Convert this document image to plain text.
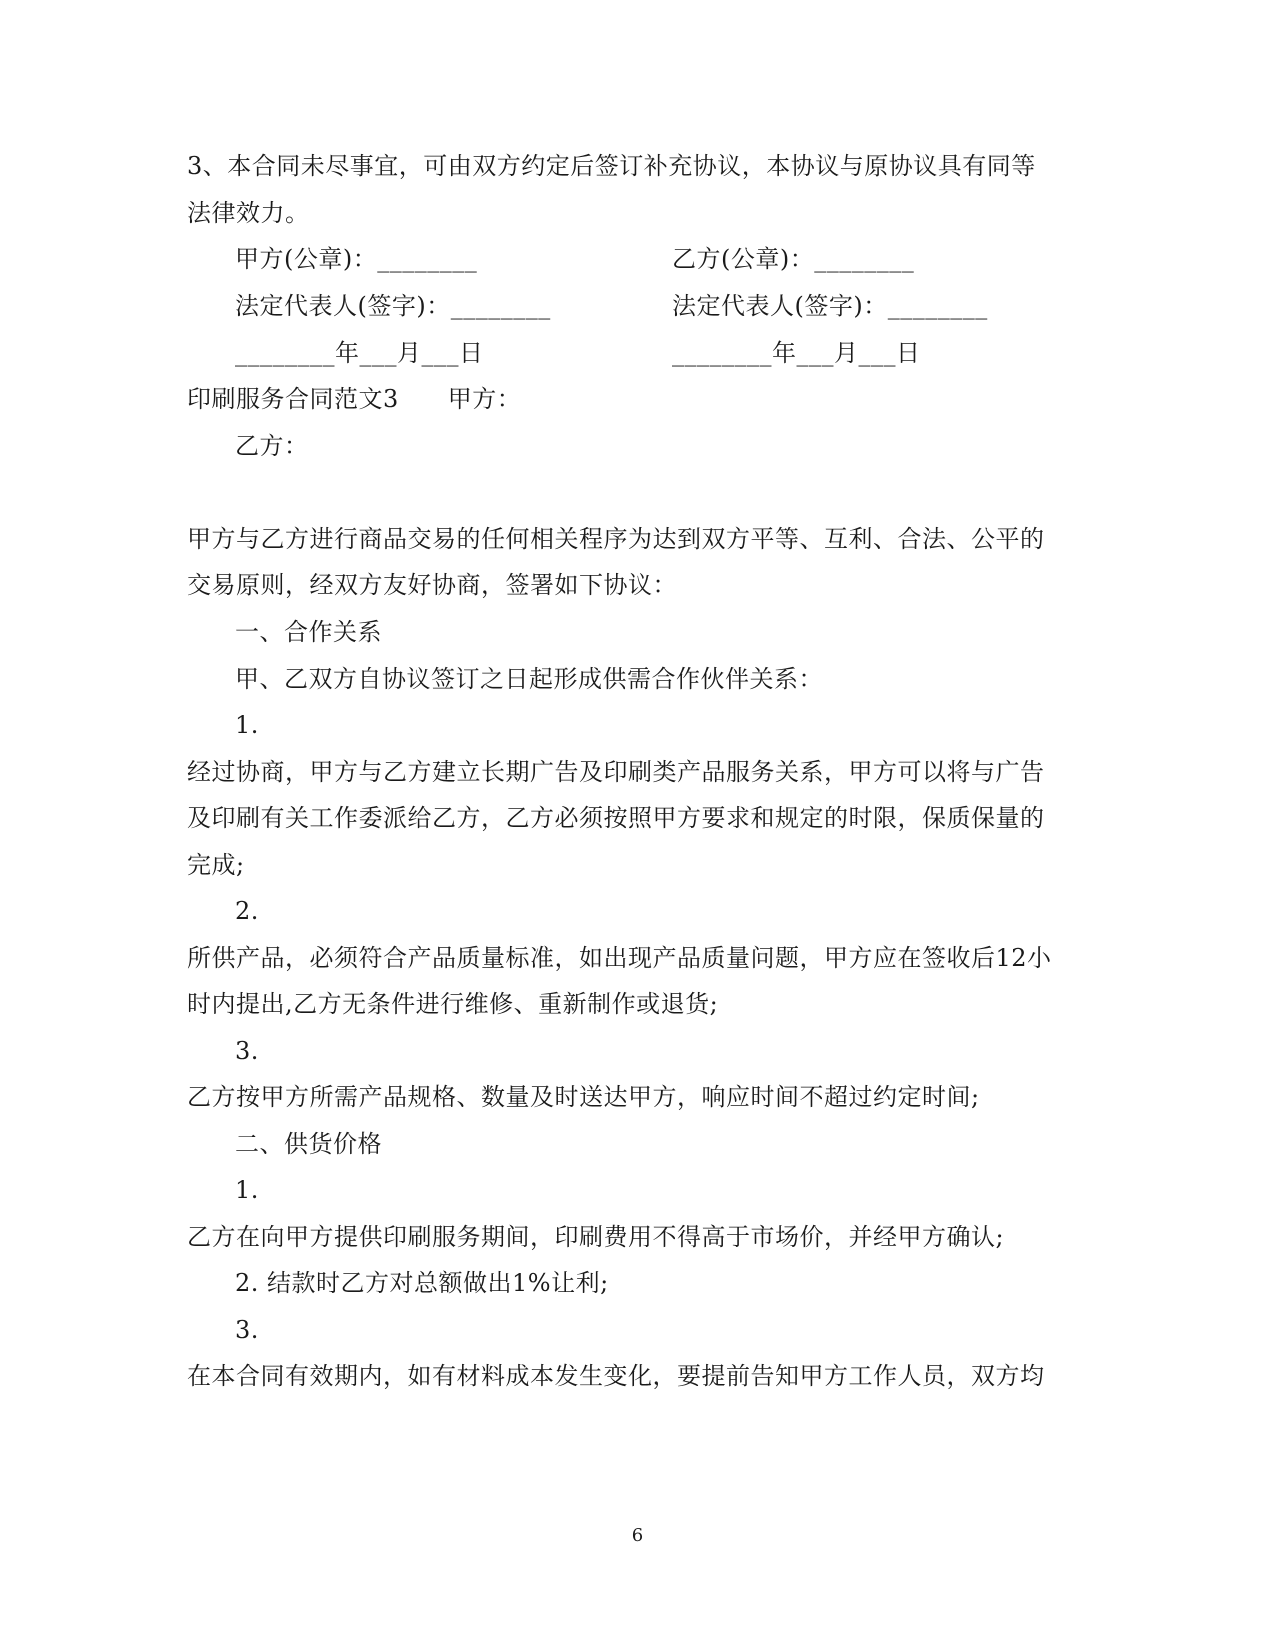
3、本合同未尽事宜，可由双方约定后签订补充协议，本协议与原协议具有同等
法律效力。
甲方(公章)：________	乙方(公章)：________
法定代表人(签字)：________	法定代表人(签字)：________
________年___月___日	________年___月___日
印刷服务合同范文3　　甲方：
乙方：
甲方与乙方进行商品交易的任何相关程序为达到双方平等、互利、合法、公平的
交易原则，经双方友好协商，签署如下协议：
一、合作关系
甲、乙双方自协议签订之日起形成供需合作伙伴关系：
1.
经过协商，甲方与乙方建立长期广告及印刷类产品服务关系，甲方可以将与广告
及印刷有关工作委派给乙方，乙方必须按照甲方要求和规定的时限，保质保量的
完成;
2.
所供产品，必须符合产品质量标准，如出现产品质量问题，甲方应在签收后12小
时内提出,乙方无条件进行维修、重新制作或退货;
3.
乙方按甲方所需产品规格、数量及时送达甲方，响应时间不超过约定时间;
二、供货价格
1.
乙方在向甲方提供印刷服务期间，印刷费用不得高于市场价，并经甲方确认;
2. 结款时乙方对总额做出1%让利;
3.
在本合同有效期内，如有材料成本发生变化，要提前告知甲方工作人员，双方均
6
